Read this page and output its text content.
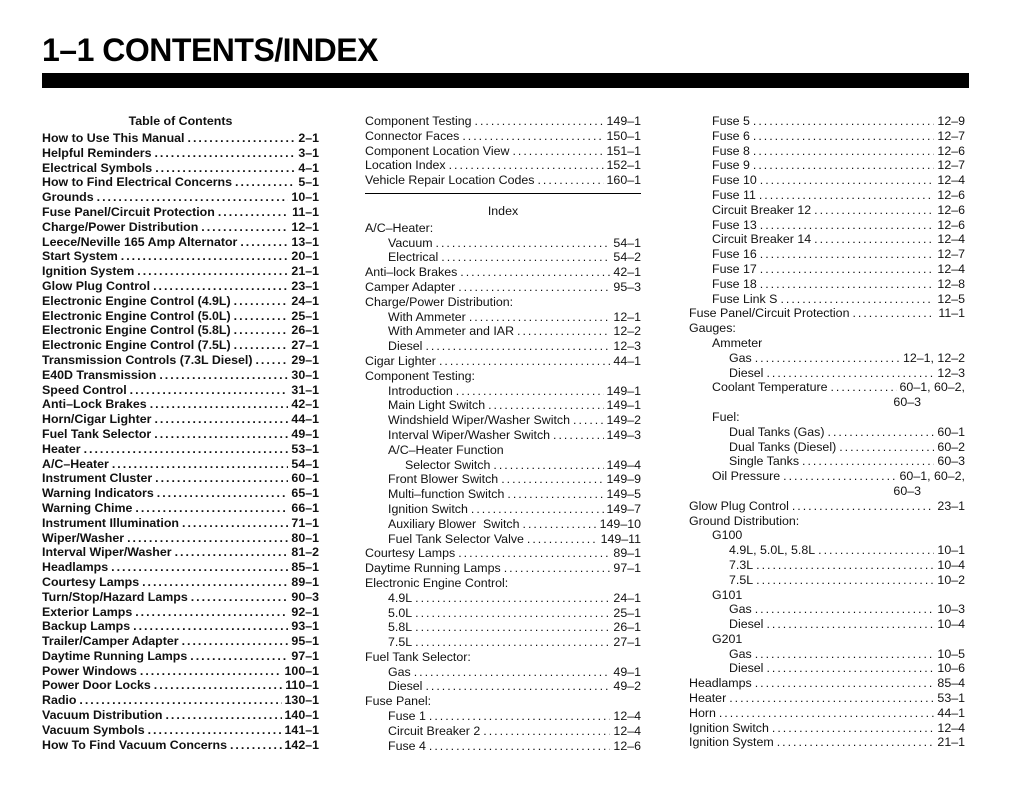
1–1 CONTENTS/INDEX
Table of Contents
How to Use This Manual .....	2–1
Helpful Reminders .....	3–1
Electrical Symbols .....	4–1
How to Find Electrical Concerns .....	5–1
Grounds .....	10–1
Fuse Panel/Circuit Protection .....	11–1
Charge/Power Distribution .....	12–1
Leece/Neville 165 Amp Alternator .....	13–1
Start System .....	20–1
Ignition System .....	21–1
Glow Plug Control .....	23–1
Electronic Engine Control (4.9L) .....	24–1
Electronic Engine Control (5.0L) .....	25–1
Electronic Engine Control (5.8L) .....	26–1
Electronic Engine Control (7.5L) .....	27–1
Transmission Controls (7.3L Diesel) .....	29–1
E40D Transmission .....	30–1
Speed Control .....	31–1
Anti–Lock Brakes .....	42–1
Horn/Cigar Lighter .....	44–1
Fuel Tank Selector .....	49–1
Heater .....	53–1
A/C–Heater .....	54–1
Instrument Cluster .....	60–1
Warning Indicators .....	65–1
Warning Chime .....	66–1
Instrument Illumination .....	71–1
Wiper/Washer .....	80–1
Interval Wiper/Washer .....	81–2
Headlamps .....	85–1
Courtesy Lamps .....	89–1
Turn/Stop/Hazard Lamps .....	90–3
Exterior Lamps .....	92–1
Backup Lamps .....	93–1
Trailer/Camper Adapter .....	95–1
Daytime Running Lamps .....	97–1
Power Windows .....	100–1
Power Door Locks .....	110–1
Radio .....	130–1
Vacuum Distribution .....	140–1
Vacuum Symbols .....	141–1
How To Find Vacuum Concerns .....	142–1
Component Testing .....	149–1
Connector Faces .....	150–1
Component Location View .....	151–1
Location Index .....	152–1
Vehicle Repair Location Codes .....	160–1
Index
A/C–Heater:
Vacuum .....	54–1
Electrical .....	54–2
Anti–lock Brakes .....	42–1
Camper Adapter .....	95–3
Charge/Power Distribution:
With Ammeter .....	12–1
With Ammeter and IAR .....	12–2
Diesel .....	12–3
Cigar Lighter .....	44–1
Component Testing:
Introduction .....	149–1
Main Light Switch .....	149–1
Windshield Wiper/Washer Switch .....	149–2
Interval Wiper/Washer Switch .....	149–3
A/C–Heater Function
Selector Switch .....	149–4
Front Blower Switch .....	149–9
Multi–function Switch .....	149–5
Ignition Switch .....	149–7
Auxiliary Blower  Switch .....	149–10
Fuel Tank Selector Valve .....	149–11
Courtesy Lamps .....	89–1
Daytime Running Lamps .....	97–1
Electronic Engine Control:
4.9L .....	24–1
5.0L .....	25–1
5.8L .....	26–1
7.5L .....	27–1
Fuel Tank Selector:
Gas .....	49–1
Diesel .....	49–2
Fuse Panel:
Fuse 1 .....	12–4
Circuit Breaker 2 .....	12–4
Fuse 4 .....	12–6
Fuse 5 .....	12–9
Fuse 6 .....	12–7
Fuse 8 .....	12–6
Fuse 9 .....	12–7
Fuse 10 .....	12–4
Fuse 11 .....	12–6
Circuit Breaker 12 .....	12–6
Fuse 13 .....	12–6
Circuit Breaker 14 .....	12–4
Fuse 16 .....	12–7
Fuse 17 .....	12–4
Fuse 18 .....	12–8
Fuse Link S .....	12–5
Fuse Panel/Circuit Protection .....	11–1
Gauges:
Ammeter
Gas .....	12–1, 12–2
Diesel .....	12–3
Coolant Temperature .....	60–1, 60–2,
60–3
Fuel:
Dual Tanks (Gas) .....	60–1
Dual Tanks (Diesel) .....	60–2
Single Tanks .....	60–3
Oil Pressure .....	60–1, 60–2,
60–3
Glow Plug Control .....	23–1
Ground Distribution:
G100
4.9L, 5.0L, 5.8L .....	10–1
7.3L .....	10–4
7.5L .....	10–2
G101
Gas .....	10–3
Diesel .....	10–4
G201
Gas .....	10–5
Diesel .....	10–6
Headlamps .....	85–4
Heater .....	53–1
Horn .....	44–1
Ignition Switch .....	12–4
Ignition System .....	21–1
